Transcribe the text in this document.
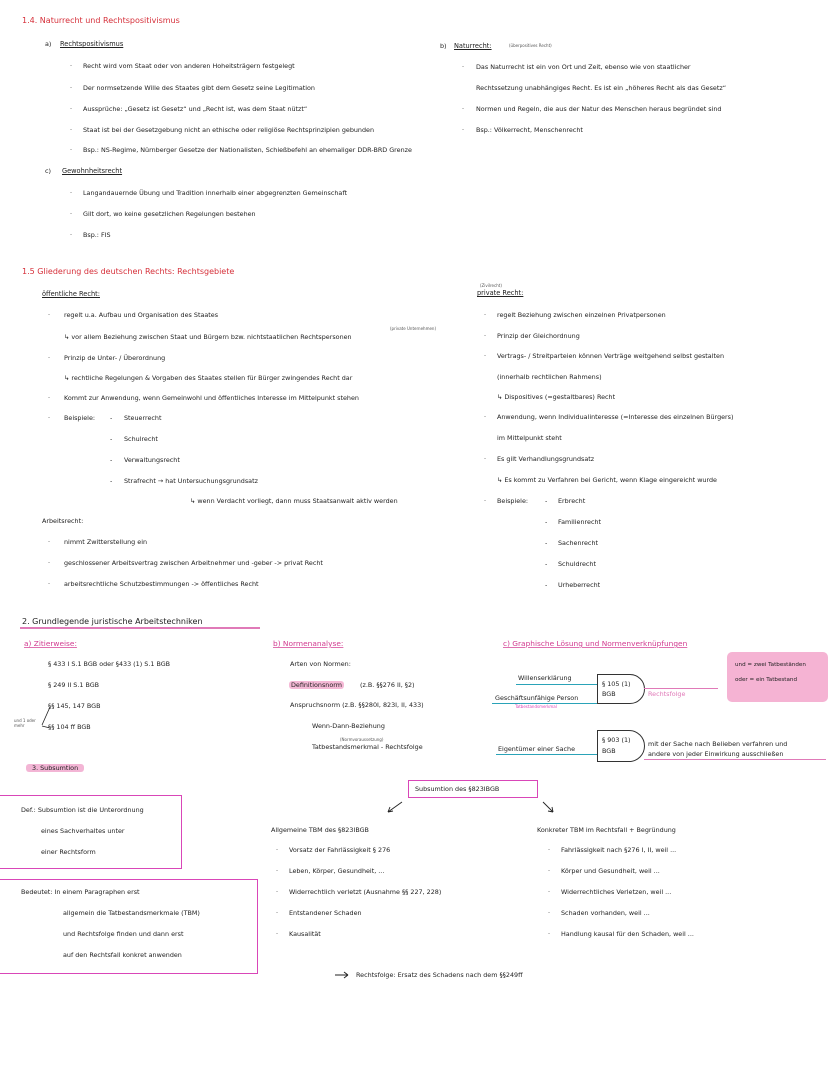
1.4. Naturrecht und Rechtspositivismus
a) Rechtspositivismus
· Recht wird vom Staat oder von anderen Hoheitsträgern festgelegt
· Der normsetzende Wille des Staates gibt dem Gesetz seine Legitimation
· Aussprüche: „Gesetz ist Gesetz“ und „Recht ist, was dem Staat nützt“
· Staat ist bei der Gesetzgebung nicht an ethische oder religiöse Rechtsprinzipien gebunden
· Bsp.: NS-Regime, Nürnberger Gesetze der Nationalisten, Schießbefehl an ehemaliger DDR-BRD Grenze
b) Naturrecht:	(überpositives Recht)
· Das Naturrecht ist ein von Ort und Zeit, ebenso wie von staatlicher
Rechtssetzung unabhängiges Recht. Es ist ein „höheres Recht als das Gesetz“
· Normen und Regeln, die aus der Natur des Menschen heraus begründet sind
· Bsp.: Völkerrecht, Menschenrecht
c) Gewohnheitsrecht
· Langandauernde Übung und Tradition innerhalb einer abgegrenzten Gemeinschaft
· Gilt dort, wo keine gesetzlichen Regelungen bestehen
· Bsp.: FIS
1.5 Gliederung des deutschen Rechts: Rechtsgebiete
öffentliche Recht:
· regelt u.a. Aufbau und Organisation des Staates
(private Unternehmen)
↳ vor allem Beziehung zwischen Staat und Bürgern bzw. nichtstaatlichen Rechtspersonen
· Prinzip de Unter- / Überordnung
↳ rechtliche Regelungen & Vorgaben des Staates stellen für Bürger zwingendes Recht dar
· Kommt zur Anwendung, wenn Gemeinwohl und öffentliches Interesse im Mittelpunkt stehen
· Beispiele: - Steuerrecht
- Schulrecht
- Verwaltungsrecht
- Strafrecht → hat Untersuchungsgrundsatz
↳ wenn Verdacht vorliegt, dann muss Staatsanwalt aktiv werden
Arbeitsrecht:
· nimmt Zwitterstellung ein
· geschlossener Arbeitsvertrag zwischen Arbeitnehmer und -geber -> privat Recht
· arbeitsrechtliche Schutzbestimmungen -> öffentliches Recht
(Zivilrecht)
private Recht:
· regelt Beziehung zwischen einzelnen Privatpersonen
· Prinzip der Gleichordnung
· Vertrags- / Streitparteien können Verträge weitgehend selbst gestalten
(innerhalb rechtlichen Rahmens)
↳ Dispositives (=gestaltbares) Recht
· Anwendung, wenn Individualinteresse (=Interesse des einzelnen Bürgers)
im Mittelpunkt steht
· Es gilt Verhandlungsgrundsatz
↳ Es kommt zu Verfahren bei Gericht, wenn Klage eingereicht wurde
· Beispiele:	- Erbrecht
- Familienrecht
- Sachenrecht
- Schuldrecht
- Urheberrecht
2. Grundlegende juristische Arbeitstechniken
a) Zitierweise:
§ 433 I S.1 BGB oder §433 (1) S.1 BGB
§ 249 II S.1 BGB
§§ 145, 147 BGB
§§ 104 ff BGB
und 1 oder mehr
b) Normenanalyse:
Arten von Normen:
Definitionsnorm	(z.B. §§276 II, §2)
Anspruchsnorm (z.B. §§280I, 823I, II, 433)
Wenn-Dann-Beziehung
(Normvoraussetzung)
Tatbestandsmerkmal - Rechtsfolge
c) Graphische Lösung und Normenverknüpfungen
Willenserklärung
Geschäftsunfähige Person
Tatbestandsmerkmal
§ 105 (1)
BGB	Rechtsfolge
und = zwei Tatbeständen
oder = ein Tatbestand
Eigentümer einer Sache
§ 903 (1)
BGB
mit der Sache nach Belieben verfahren und
andere von jeder Einwirkung ausschließen
3. Subsumtion
Subsumtion des §823IBGB
Def.: Subsumtion ist die Unterordnung
eines Sachverhaltes unter
einer Rechtsform
Bedeutet: In einem Paragraphen erst
allgemein die Tatbestandsmerkmale (TBM)
und Rechtsfolge finden und dann erst
auf den Rechtsfall konkret anwenden
Allgemeine TBM des §823IBGB
· Vorsatz der Fahrlässigkeit § 276
· Leben, Körper, Gesundheit, ...
· Widerrechtlich verletzt (Ausnahme §§ 227, 228)
· Entstandener Schaden
· Kausalität
Konkreter TBM im Rechtsfall + Begründung
· Fahrlässigkeit nach §276 I, II, weil ...
· Körper und Gesundheit, weil ...
· Widerrechtliches Verletzen, weil ...
· Schaden vorhanden, weil ...
· Handlung kausal für den Schaden, weil ...
Rechtsfolge: Ersatz des Schadens nach dem §§249ff
